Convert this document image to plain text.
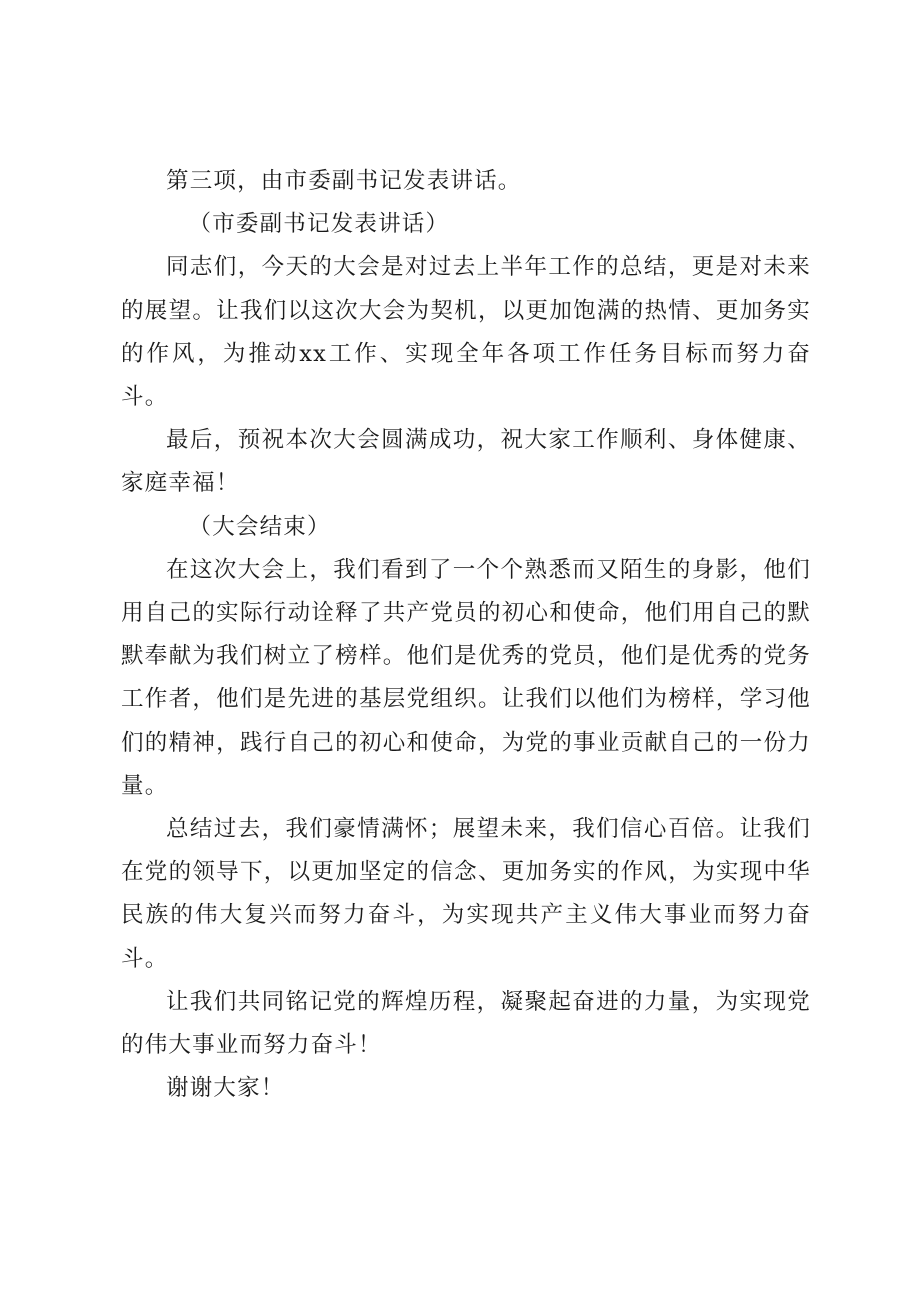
第三项，由市委副书记发表讲话。

（市委副书记发表讲话）

同志们，今天的大会是对过去上半年工作的总结，更是对未来的展望。让我们以这次大会为契机，以更加饱满的热情、更加务实的作风，为推动xx工作、实现全年各项工作任务目标而努力奋斗。

最后，预祝本次大会圆满成功，祝大家工作顺利、身体健康、家庭幸福！

（大会结束）

在这次大会上，我们看到了一个个熟悉而又陌生的身影，他们用自己的实际行动诠释了共产党员的初心和使命，他们用自己的默默奉献为我们树立了榜样。他们是优秀的党员，他们是优秀的党务工作者，他们是先进的基层党组织。让我们以他们为榜样，学习他们的精神，践行自己的初心和使命，为党的事业贡献自己的一份力量。

总结过去，我们豪情满怀；展望未来，我们信心百倍。让我们在党的领导下，以更加坚定的信念、更加务实的作风，为实现中华民族的伟大复兴而努力奋斗，为实现共产主义伟大事业而努力奋斗。

让我们共同铭记党的辉煌历程，凝聚起奋进的力量，为实现党的伟大事业而努力奋斗！

谢谢大家！
